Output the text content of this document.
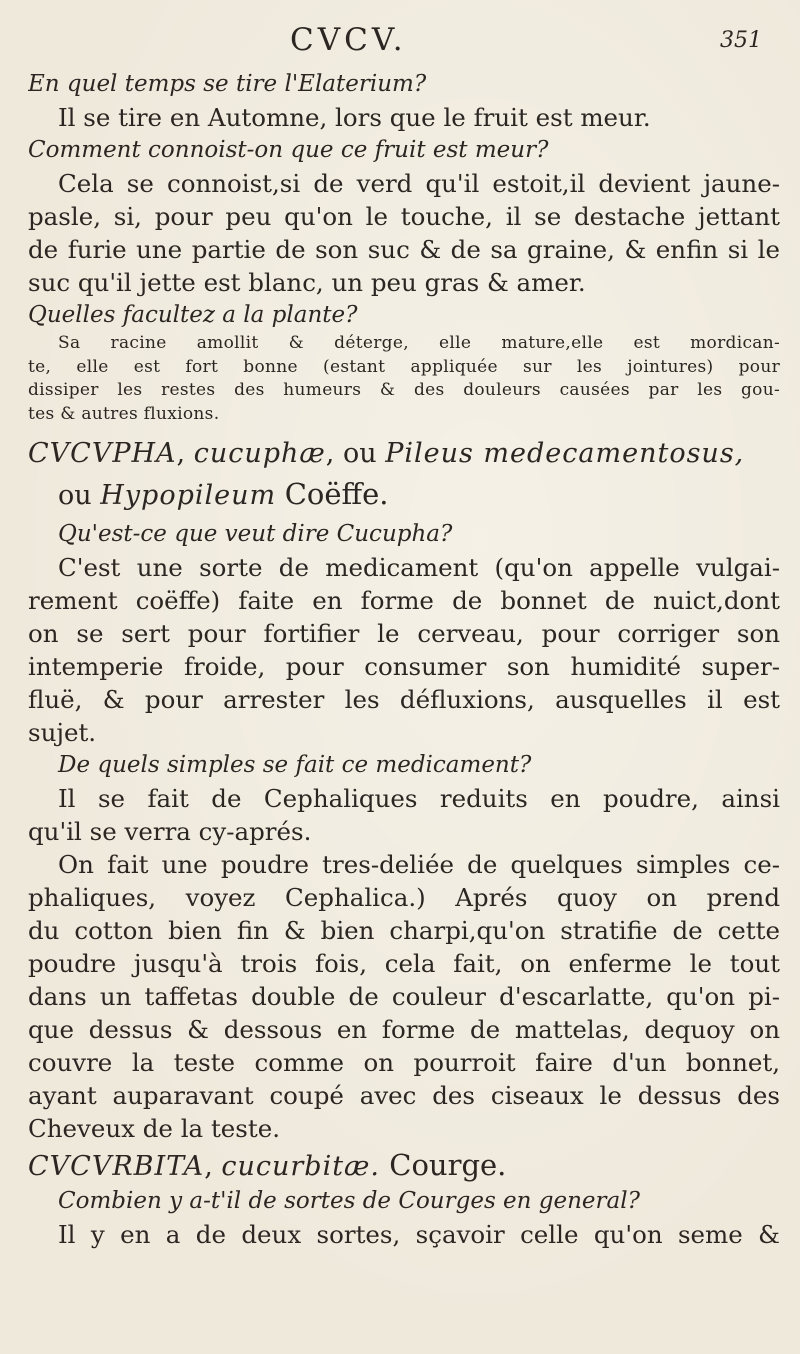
CVCV.	351
En quel temps se tire l'Elaterium?
Il se tire en Automne, lors que le fruit est meur.
Comment connoist-on que ce fruit est meur?
Cela se connoist,si de verd qu'il estoit,il devient jaune-
pasle, si, pour peu qu'on le touche, il se destache jettant
de furie une partie de son suc & de sa graine, & enfin si le
suc qu'il jette est blanc, un peu gras & amer.
Quelles facultez a la plante?
Sa racine amollit & déterge, elle mature,elle est mordican-
te, elle est fort bonne (estant appliquée sur les jointures) pour
dissiper les restes des humeurs & des douleurs causées par les gou-
tes & autres fluxions.
CVCVPHA, cucuphæ, ou Pileus medecamentosus,
ou Hypopileum Coëffe.
Qu'est-ce que veut dire Cucupha?
C'est une sorte de medicament (qu'on appelle vulgai-
rement coëffe) faite en forme de bonnet de nuict,dont
on se sert pour fortifier le cerveau, pour corriger son
intemperie froide, pour consumer son humidité super-
fluë, & pour arrester les défluxions, ausquelles il est
sujet.
De quels simples se fait ce medicament?
Il se fait de Cephaliques reduits en poudre, ainsi
qu'il se verra cy-aprés.
On fait une poudre tres-deliée de quelques simples ce-
phaliques, voyez Cephalica.) Aprés quoy on prend
du cotton bien fin & bien charpi,qu'on stratifie de cette
poudre jusqu'à trois fois, cela fait, on enferme le tout
dans un taffetas double de couleur d'escarlatte, qu'on pi-
que dessus & dessous en forme de mattelas, dequoy on
couvre la teste comme on pourroit faire d'un bonnet,
ayant auparavant coupé avec des ciseaux le dessus des
Cheveux de la teste.
CVCVRBITA, cucurbitæ. Courge.
Combien y a-t'il de sortes de Courges en general?
Il y en a de deux sortes, sçavoir celle qu'on seme &
